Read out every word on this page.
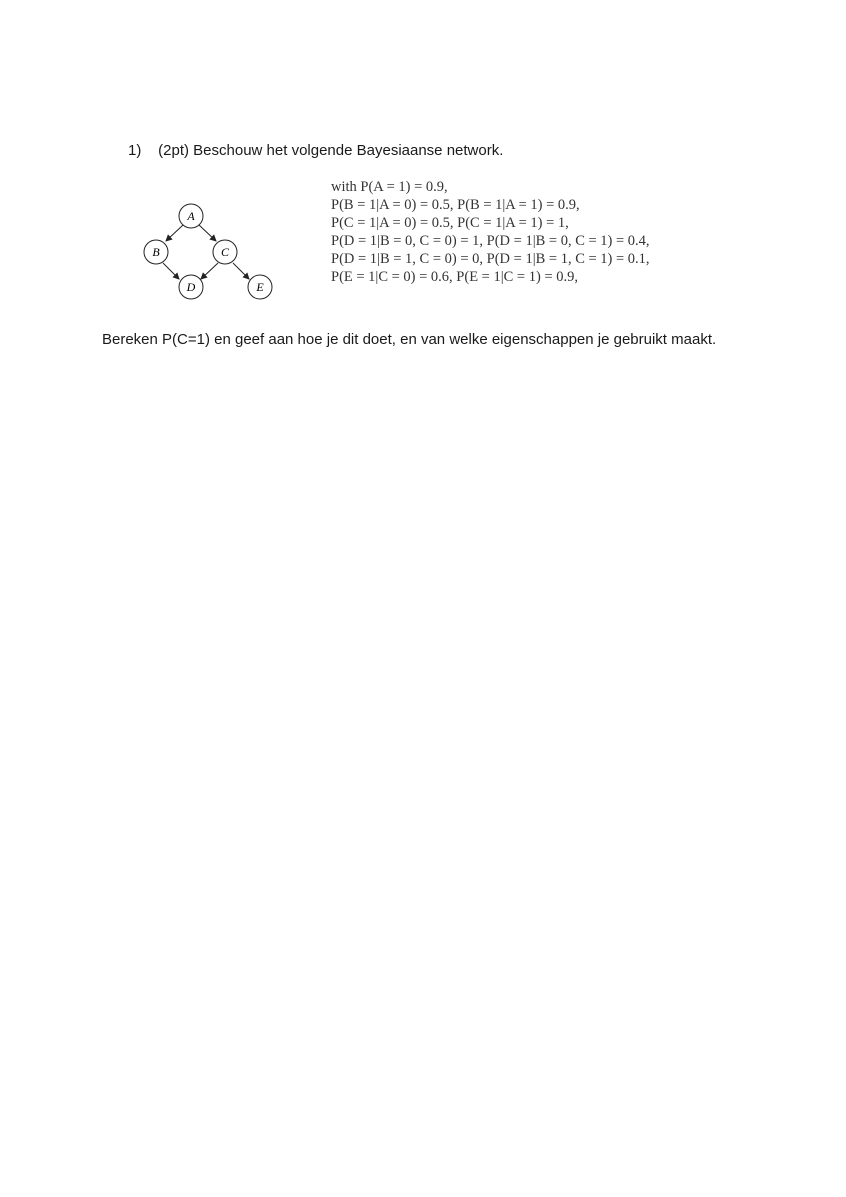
1) (2pt) Beschouw het volgende Bayesiaanse network.
A
B	C
D	E
with P(A = 1) = 0.9,
P(B = 1|A = 0) = 0.5, P(B = 1|A = 1) = 0.9,
P(C = 1|A = 0) = 0.5, P(C = 1|A = 1) = 1,
P(D = 1|B = 0, C = 0) = 1, P(D = 1|B = 0, C = 1) = 0.4,
P(D = 1|B = 1, C = 0) = 0, P(D = 1|B = 1, C = 1) = 0.1,
P(E = 1|C = 0) = 0.6, P(E = 1|C = 1) = 0.9,
Bereken P(C=1) en geef aan hoe je dit doet, en van welke eigenschappen je gebruikt maakt.
